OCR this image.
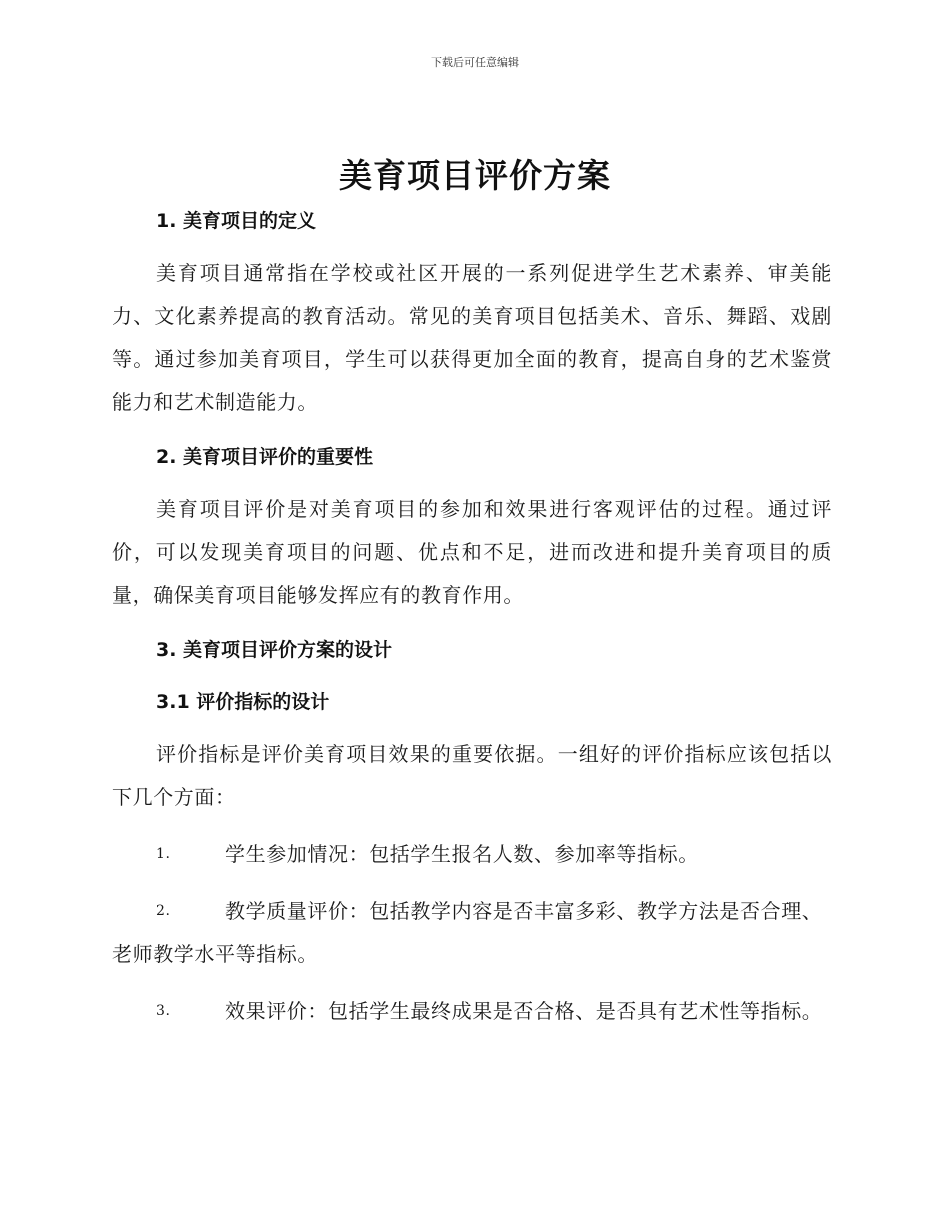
下载后可任意编辑
美育项目评价方案
1. 美育项目的定义

美育项目通常指在学校或社区开展的一系列促进学生艺术素养、审美能力、文化素养提高的教育活动。常见的美育项目包括美术、音乐、舞蹈、戏剧等。通过参加美育项目，学生可以获得更加全面的教育，提高自身的艺术鉴赏能力和艺术制造能力。

2. 美育项目评价的重要性

美育项目评价是对美育项目的参加和效果进行客观评估的过程。通过评价，可以发现美育项目的问题、优点和不足，进而改进和提升美育项目的质量，确保美育项目能够发挥应有的教育作用。

3. 美育项目评价方案的设计
3.1 评价指标的设计

评价指标是评价美育项目效果的重要依据。一组好的评价指标应该包括以下几个方面：

1.	学生参加情况：包括学生报名人数、参加率等指标。

2.	教学质量评价：包括教学内容是否丰富多彩、教学方法是否合理、老师教学水平等指标。

3.	效果评价：包括学生最终成果是否合格、是否具有艺术性等指标。
